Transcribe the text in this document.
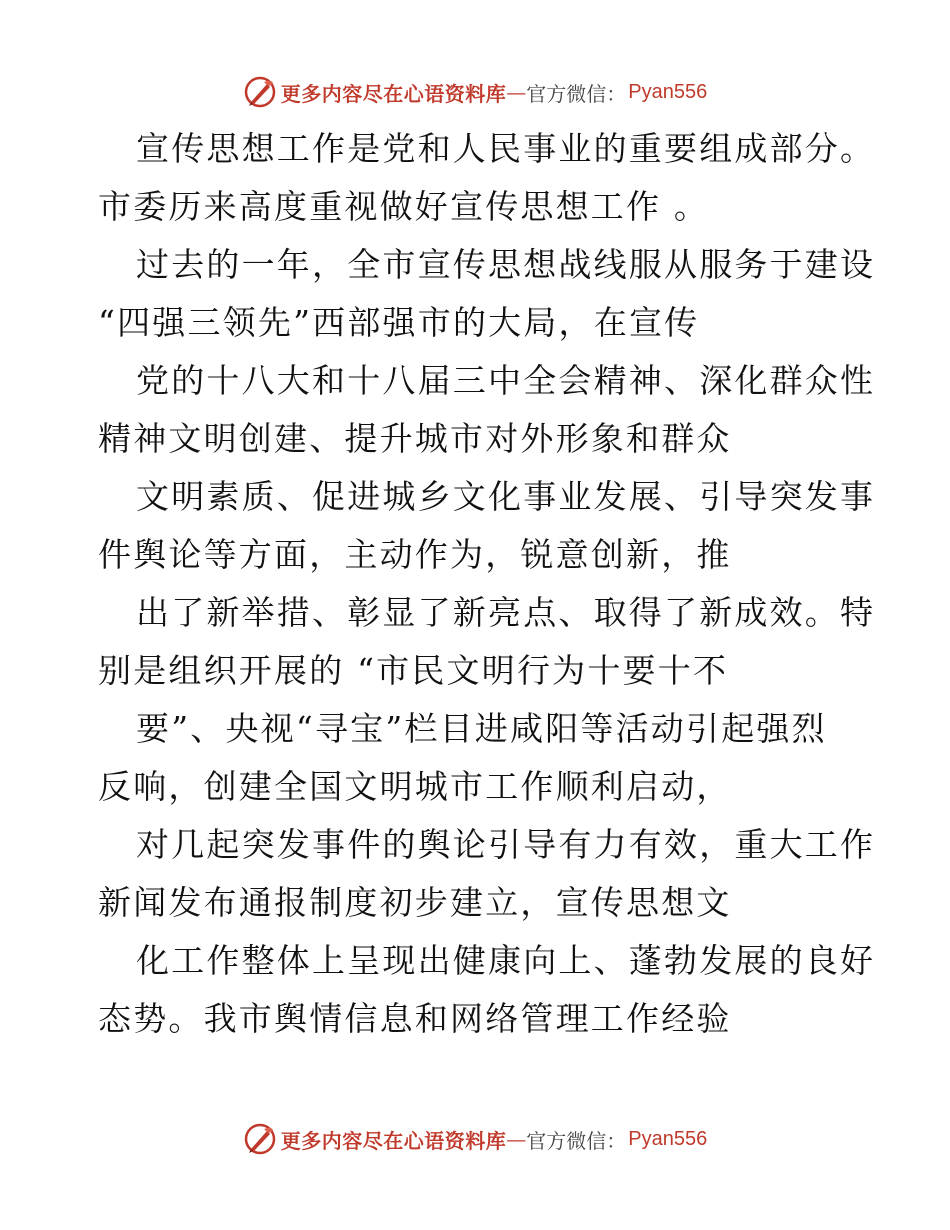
更多内容尽在心语资料库 — 官方微信： Pyan556
宣传思想工作是党和人民事业的重要组成部分。
市委历来高度重视做好宣传思想工作 。
过去的一年，全市宣传思想战线服从服务于建设
“四强三领先”西部强市的大局，在宣传
党的十八大和十八届三中全会精神、深化群众性
精神文明创建、提升城市对外形象和群众
文明素质、促进城乡文化事业发展、引导突发事
件舆论等方面，主动作为，锐意创新，推
出了新举措、彰显了新亮点、取得了新成效。特
别是组织开展的 “市民文明行为十要十不
要”、央视“寻宝”栏目进咸阳等活动引起强烈
反响，创建全国文明城市工作顺利启动，
对几起突发事件的舆论引导有力有效，重大工作
新闻发布通报制度初步建立，宣传思想文
化工作整体上呈现出健康向上、蓬勃发展的良好
态势。我市舆情信息和网络管理工作经验
更多内容尽在心语资料库 — 官方微信： Pyan556
